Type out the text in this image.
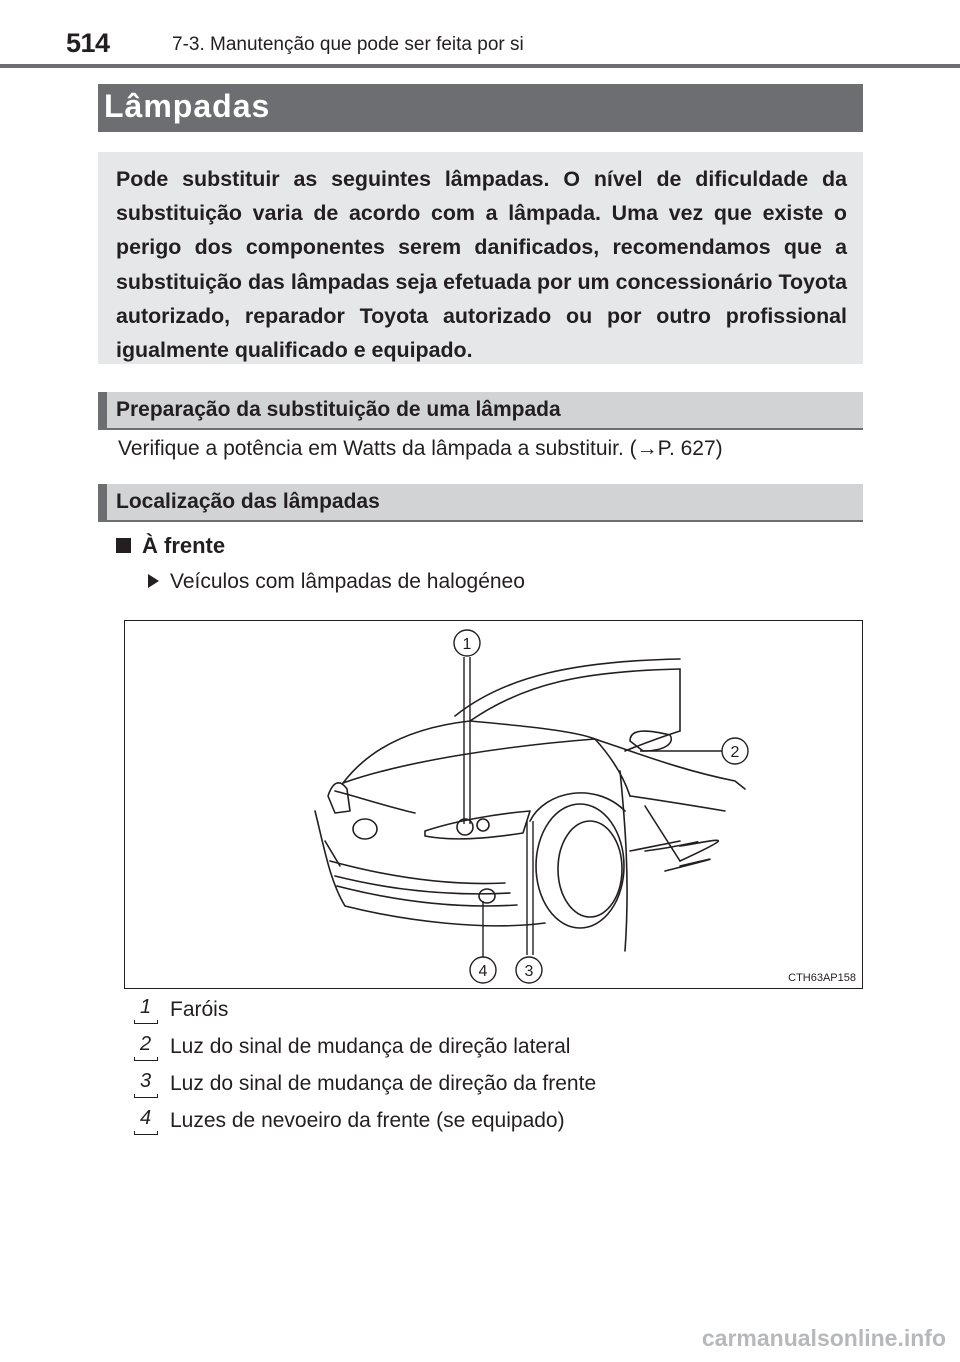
514	7-3. Manutenção que pode ser feita por si
Lâmpadas
Pode substituir as seguintes lâmpadas. O nível de dificuldade da substituição varia de acordo com a lâmpada. Uma vez que existe o perigo dos componentes serem danificados, recomendamos que a substituição das lâmpadas seja efetuada por um concessionário Toyota autorizado, reparador Toyota autorizado ou por outro profissional igualmente qualificado e equipado.
Preparação da substituição de uma lâmpada
Verifique a potência em Watts da lâmpada a substituir. (→P. 627)
Localização das lâmpadas
À frente
Veículos com lâmpadas de halogéneo
1
2
3
4	CTH63AP158
1 Faróis
2 Luz do sinal de mudança de direção lateral
3 Luz do sinal de mudança de direção da frente
4 Luzes de nevoeiro da frente (se equipado)
carmanualsonline.info
